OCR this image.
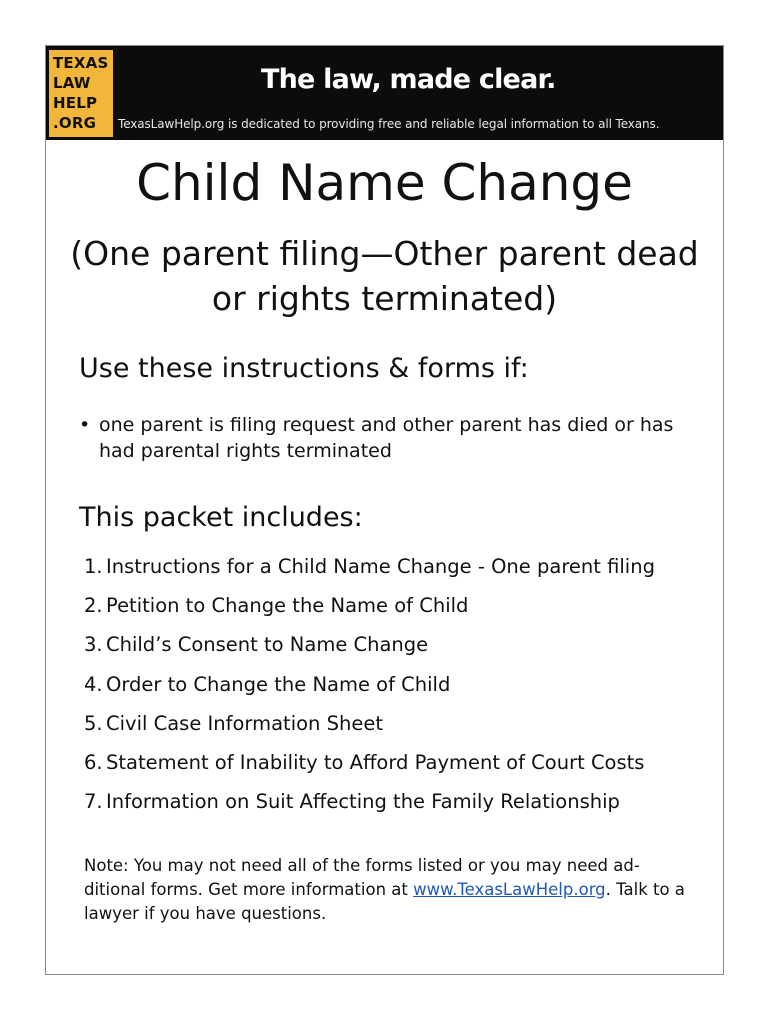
TEXAS
LAW
HELP
.ORG
The law, made clear.
TexasLawHelp.org is dedicated to providing free and reliable legal information to all Texans.
Child Name Change
(One parent filing—Other parent dead
or rights terminated)
Use these instructions & forms if:
• one parent is filing request and other parent has died or has had parental rights terminated
This packet includes:
1. Instructions for a Child Name Change - One parent filing
2. Petition to Change the Name of Child
3. Child’s Consent to Name Change
4. Order to Change the Name of Child
5. Civil Case Information Sheet
6. Statement of Inability to Afford Payment of Court Costs
7. Information on Suit Affecting the Family Relationship
Note: You may not need all of the forms listed or you may need ad- ditional forms. Get more information at www.TexasLawHelp.org. Talk to a lawyer if you have questions.
